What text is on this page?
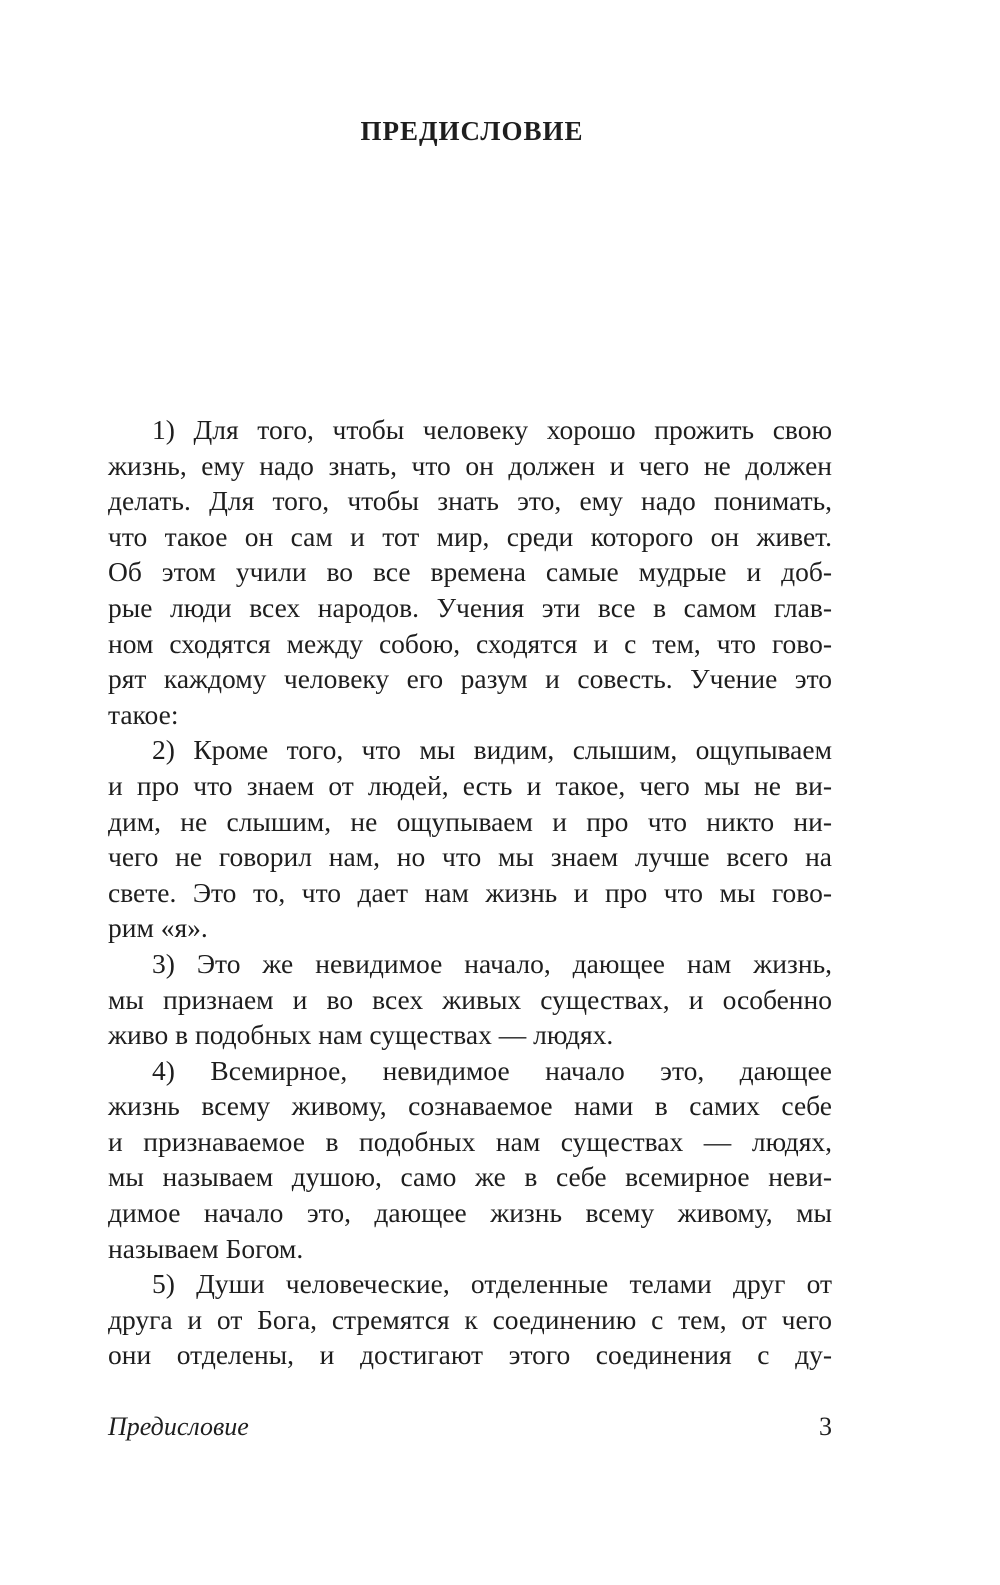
ПРЕДИСЛОВИЕ
1) Для того, чтобы человеку хорошо прожить свою
жизнь, ему надо знать, что он должен и чего не должен
делать. Для того, чтобы знать это, ему надо понимать,
что такое он сам и тот мир, среди которого он живет.
Об этом учили во все времена самые мудрые и доб-
рые люди всех народов. Учения эти все в самом глав-
ном сходятся между собою, сходятся и с тем, что гово-
рят каждому человеку его разум и совесть. Учение это
такое:
2) Кроме того, что мы видим, слышим, ощупываем
и про что знаем от людей, есть и такое, чего мы не ви-
дим, не слышим, не ощупываем и про что никто ни-
чего не говорил нам, но что мы знаем лучше всего на
свете. Это то, что дает нам жизнь и про что мы гово-
рим «я».
3) Это же невидимое начало, дающее нам жизнь,
мы признаем и во всех живых существах, и особенно
живо в подобных нам существах — людях.
4) Всемирное, невидимое начало это, дающее
жизнь всему живому, сознаваемое нами в самих себе
и признаваемое в подобных нам существах — людях,
мы называем душою, само же в себе всемирное неви-
димое начало это, дающее жизнь всему живому, мы
называем Богом.
5) Души человеческие, отделенные телами друг от
друга и от Бога, стремятся к соединению с тем, от чего
они отделены, и достигают этого соединения с ду-
Предисловие	3
